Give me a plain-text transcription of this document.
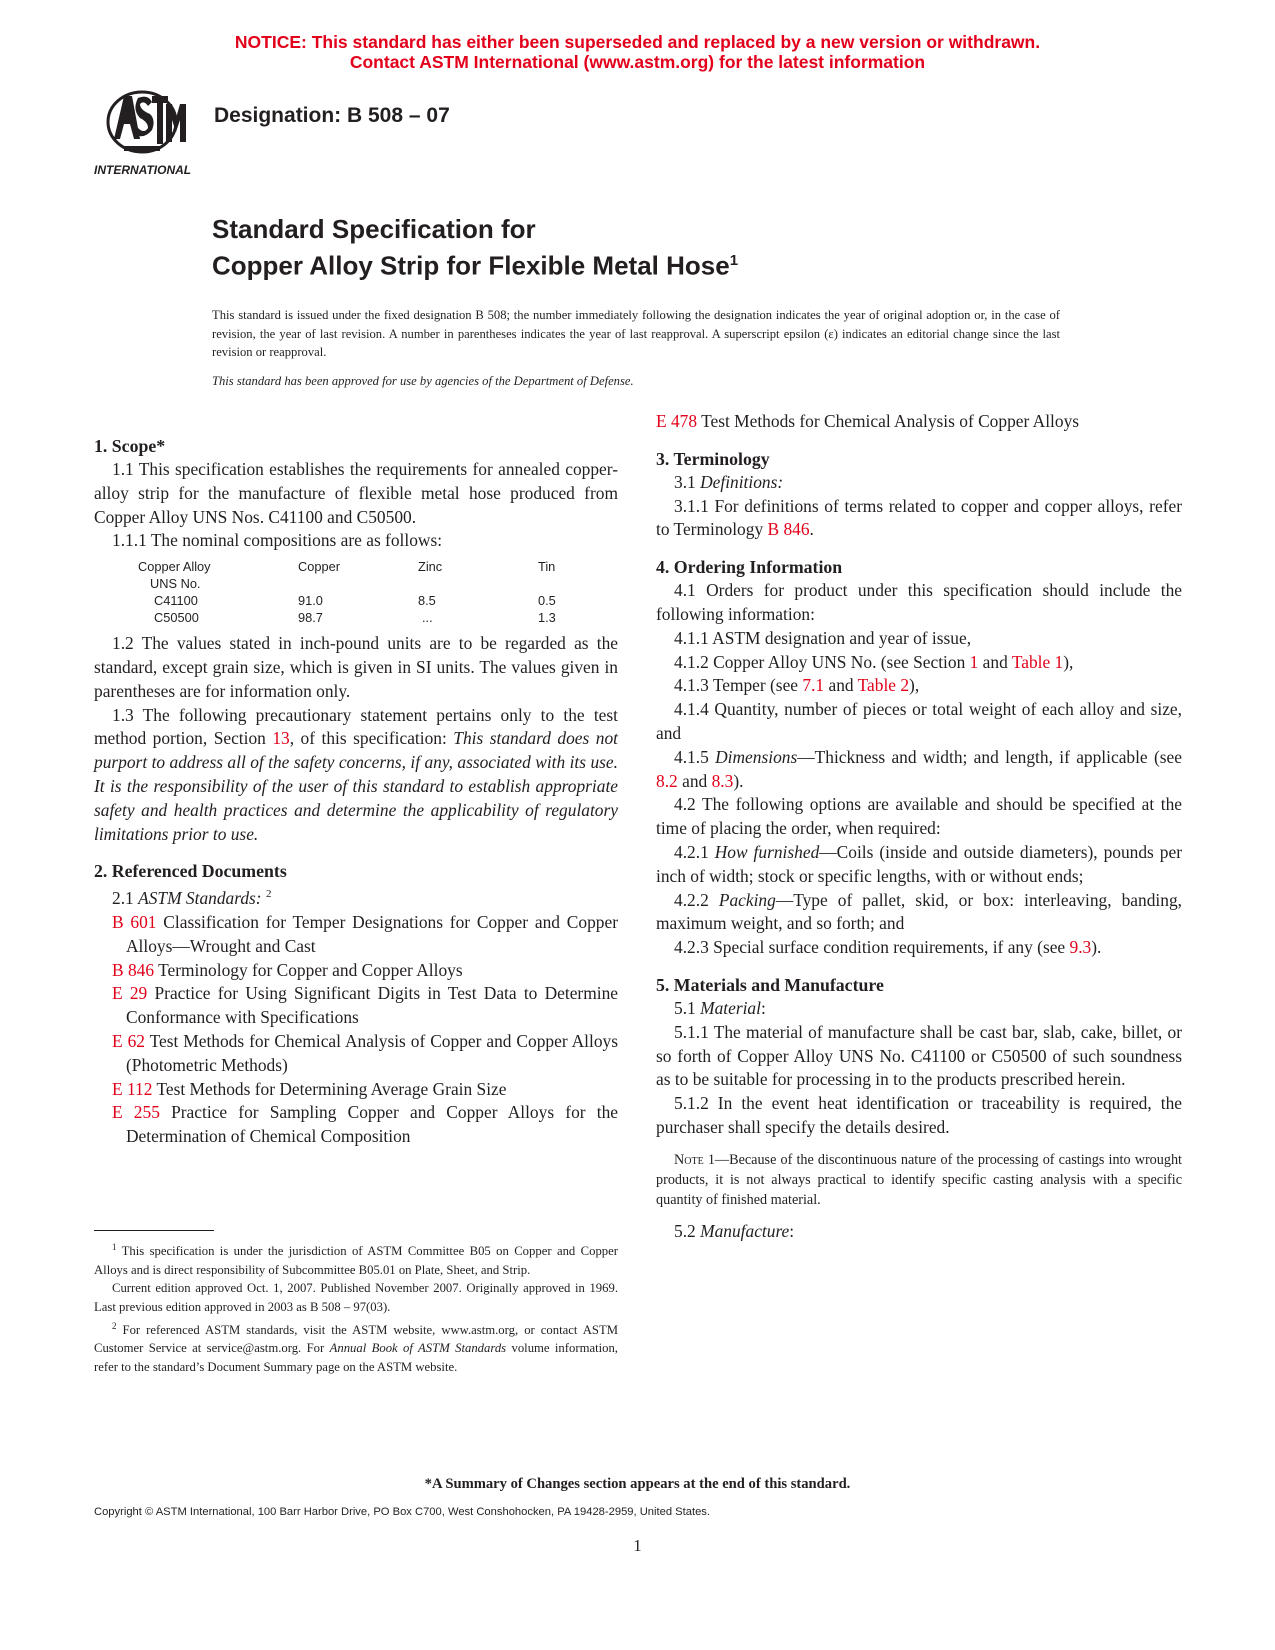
NOTICE: This standard has either been superseded and replaced by a new version or withdrawn.
Contact ASTM International (www.astm.org) for the latest information
INTERNATIONAL
Designation: B 508 – 07
Standard Specification for
Copper Alloy Strip for Flexible Metal Hose$^1$
This standard is issued under the fixed designation B 508; the number immediately following the designation indicates the year of original adoption or, in the case of revision, the year of last revision. A number in parentheses indicates the year of last reapproval. A superscript epsilon (ε) indicates an editorial change since the last revision or reapproval.
This standard has been approved for use by agencies of the Department of Defense.
1. Scope*

1.1 This specification establishes the requirements for annealed copper-alloy strip for the manufacture of flexible metal hose produced from Copper Alloy UNS Nos. C41100 and C50500.

1.1.1 The nominal compositions are as follows:

Copper Alloy	Copper	Zinc	Tin
UNS No.			
C41100	91.0	8.5	0.5
C50500	98.7	...	1.3

1.2 The values stated in inch-pound units are to be regarded as the standard, except grain size, which is given in SI units. The values given in parentheses are for information only.

1.3 The following precautionary statement pertains only to the test method portion, Section 13, of this specification: This standard does not purport to address all of the safety concerns, if any, associated with its use. It is the responsibility of the user of this standard to establish appropriate safety and health practices and determine the applicability of regulatory limitations prior to use.

2. Referenced Documents

2.1 ASTM Standards: $^2$

B 601 Classification for Temper Designations for Copper and Copper Alloys—Wrought and Cast
B 846 Terminology for Copper and Copper Alloys
E 29 Practice for Using Significant Digits in Test Data to Determine Conformance with Specifications
E 62 Test Methods for Chemical Analysis of Copper and Copper Alloys (Photometric Methods)
E 112 Test Methods for Determining Average Grain Size
E 255 Practice for Sampling Copper and Copper Alloys for the Determination of Chemical Composition
E 478 Test Methods for Chemical Analysis of Copper Alloys
3. Terminology

3.1 Definitions:

3.1.1 For definitions of terms related to copper and copper alloys, refer to Terminology B 846.

4. Ordering Information

4.1 Orders for product under this specification should include the following information:

4.1.1 ASTM designation and year of issue,

4.1.2 Copper Alloy UNS No. (see Section 1 and Table 1),

4.1.3 Temper (see 7.1 and Table 2),

4.1.4 Quantity, number of pieces or total weight of each alloy and size, and

4.1.5 Dimensions—Thickness and width; and length, if applicable (see 8.2 and 8.3).

4.2 The following options are available and should be specified at the time of placing the order, when required:

4.2.1 How furnished—Coils (inside and outside diameters), pounds per inch of width; stock or specific lengths, with or without ends;

4.2.2 Packing—Type of pallet, skid, or box: interleaving, banding, maximum weight, and so forth; and

4.2.3 Special surface condition requirements, if any (see 9.3).

5. Materials and Manufacture

5.1 Material:

5.1.1 The material of manufacture shall be cast bar, slab, cake, billet, or so forth of Copper Alloy UNS No. C41100 or C50500 of such soundness as to be suitable for processing in to the products prescribed herein.

5.1.2 In the event heat identification or traceability is required, the purchaser shall specify the details desired.

Note 1—Because of the discontinuous nature of the processing of castings into wrought products, it is not always practical to identify specific casting analysis with a specific quantity of finished material.

5.2 Manufacture:

$^1$ This specification is under the jurisdiction of ASTM Committee B05 on Copper and Copper Alloys and is direct responsibility of Subcommittee B05.01 on Plate, Sheet, and Strip.

Current edition approved Oct. 1, 2007. Published November 2007. Originally approved in 1969. Last previous edition approved in 2003 as B 508 – 97(03).

$^2$ For referenced ASTM standards, visit the ASTM website, www.astm.org, or contact ASTM Customer Service at service@astm.org. For Annual Book of ASTM Standards volume information, refer to the standard’s Document Summary page on the ASTM website.

*A Summary of Changes section appears at the end of this standard.
Copyright © ASTM International, 100 Barr Harbor Drive, PO Box C700, West Conshohocken, PA 19428-2959, United States.
1
